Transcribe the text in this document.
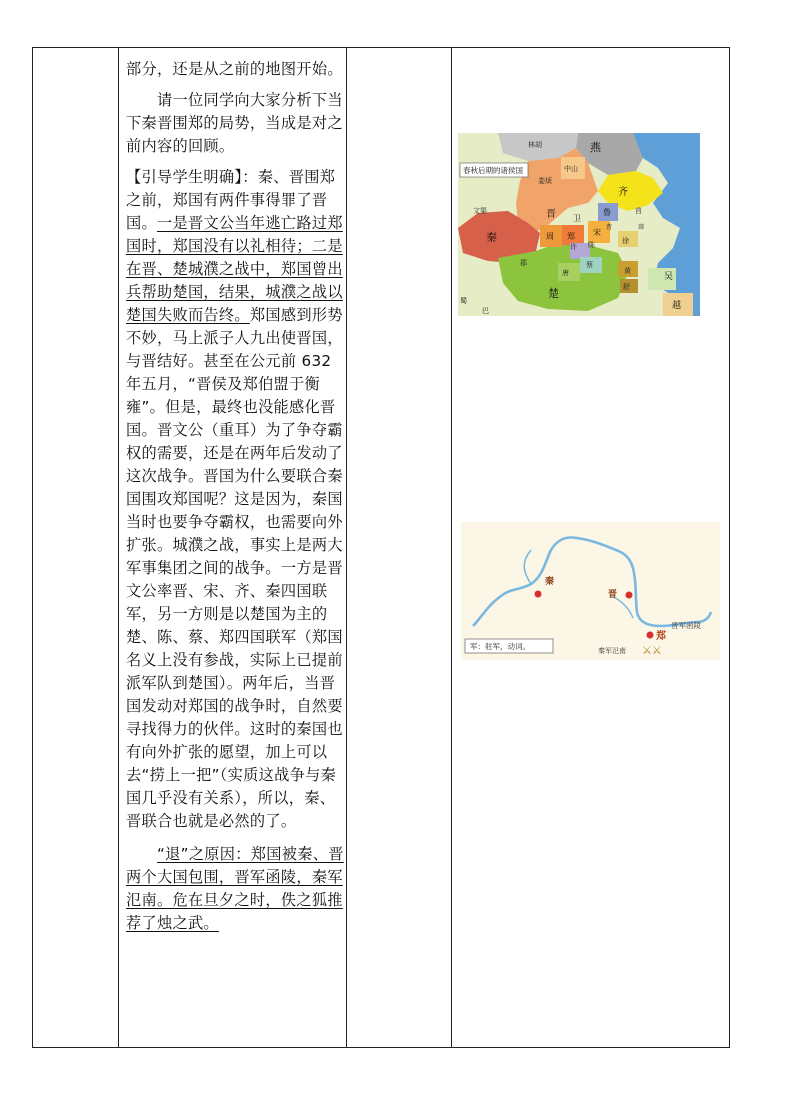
部分，还是从之前的地图开始。

请一位同学向大家分析下当下秦晋围郑的局势，当成是对之前内容的回顾。

【引导学生明确】：秦、晋围郑之前，郑国有两件事得罪了晋国。一是晋文公当年逃亡路过郑国时，郑国没有以礼相待；二是在晋、楚城濮之战中，郑国曾出兵帮助楚国，结果，城濮之战以楚国失败而告终。郑国感到形势不妙，马上派子人九出使晋国，与晋结好。甚至在公元前 632 年五月，“晋侯及郑伯盟于衡雍”。但是，最终也没能感化晋国。晋文公（重耳）为了争夺霸权的需要，还是在两年后发动了这次战争。晋国为什么要联合秦国围攻郑国呢？这是因为，秦国当时也要争夺霸权，也需要向外扩张。城濮之战，事实上是两大军事集团之间的战争。一方是晋文公率晋、宋、齐、秦四国联军，另一方则是以楚国为主的楚、陈、蔡、郑四国联军（郑国名义上没有参战，实际上已提前派军队到楚国）。两年后，当晋国发动对郑国的战争时，自然要寻找得力的伙伴。这时的秦国也有向外扩张的愿望，加上可以去“捞上一把”（实质这战争与秦国几乎没有关系），所以，秦、晋联合也就是必然的了。

“退”之原因：郑国被秦、晋两个大国包围，晋军函陵，秦军氾南。危在旦夕之时，佚之狐推荐了烛之武。

春秋后期的诸侯国
燕
林胡
中山
娄烦
齐
文渠	晋 卫
鲁	莒
秦	周 郑 宋
许 陈
蔡
唐
鄀
楚
徐
黄
舒
吴
越
巴
蜀
曹	郯
秦
晋
郑
晋军函陵
秦军氾南 ⚔⚔
军：驻军，动词。
